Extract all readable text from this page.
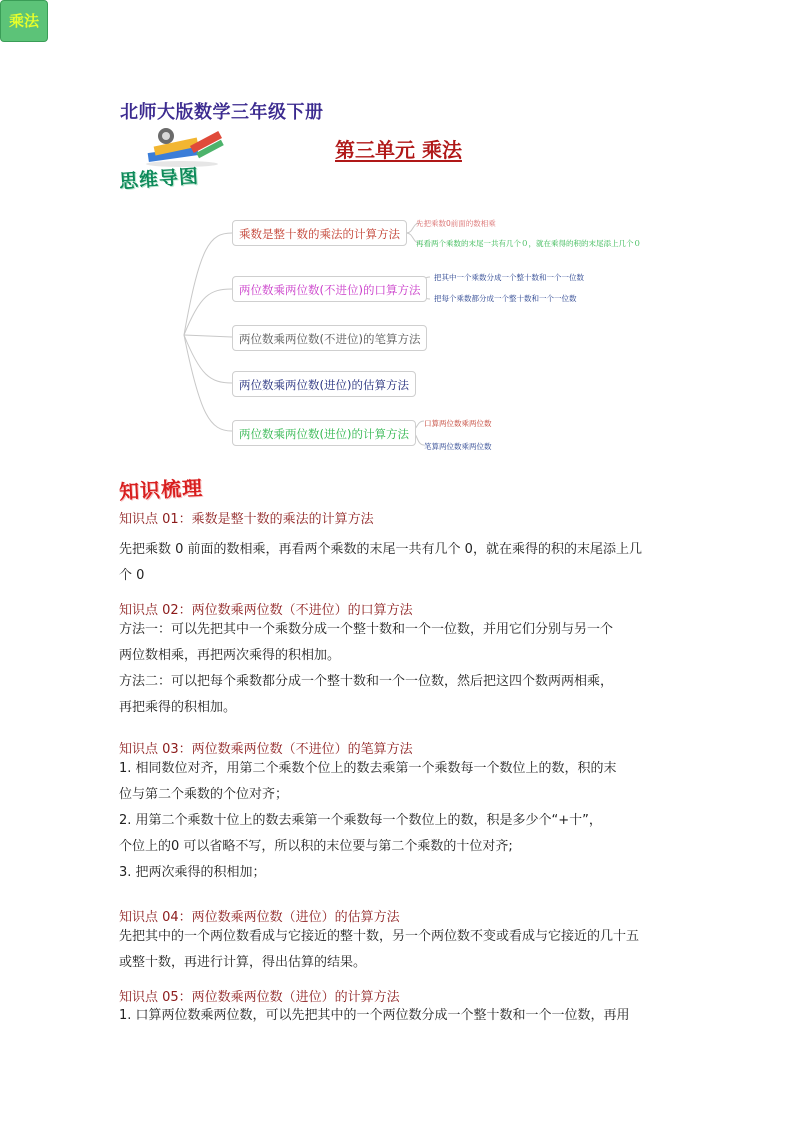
北师大版数学三年级下册
第三单元 乘法
思维导图
乘法
乘数是整十数的乘法的计算方法
先把乘数0前面的数相乘
再看两个乘数的末尾一共有几个０，就在乘得的积的末尾添上几个０
两位数乘两位数(不进位)的口算方法
把其中一个乘数分成一个整十数和一个一位数
把每个乘数都分成一个整十数和一个一位数
两位数乘两位数(不进位)的笔算方法
两位数乘两位数(进位)的估算方法
两位数乘两位数(进位)的计算方法
口算两位数乘两位数
笔算两位数乘两位数
知识梳理
知识点 01：乘数是整十数的乘法的计算方法
先把乘数 0 前面的数相乘，再看两个乘数的末尾一共有几个 0，就在乘得的积的末尾添上几
个 0
知识点 02：两位数乘两位数（不进位）的口算方法
方法一：可以先把其中一个乘数分成一个整十数和一个一位数，并用它们分别与另一个
两位数相乘，再把两次乘得的积相加。
方法二：可以把每个乘数都分成一个整十数和一个一位数，然后把这四个数两两相乘，
再把乘得的积相加。
知识点 03：两位数乘两位数（不进位）的笔算方法
1. 相同数位对齐，用第二个乘数个位上的数去乘第一个乘数每一个数位上的数，积的末
位与第二个乘数的个位对齐；
2. 用第二个乘数十位上的数去乘第一个乘数每一个数位上的数，积是多少个“+十”，
个位上的0 可以省略不写，所以积的末位要与第二个乘数的十位对齐;
3. 把两次乘得的积相加；
知识点 04：两位数乘两位数（进位）的估算方法
先把其中的一个两位数看成与它接近的整十数，另一个两位数不变或看成与它接近的几十五
或整十数，再进行计算，得出估算的结果。
知识点 05：两位数乘两位数（进位）的计算方法
1. 口算两位数乘两位数，可以先把其中的一个两位数分成一个整十数和一个一位数，再用
